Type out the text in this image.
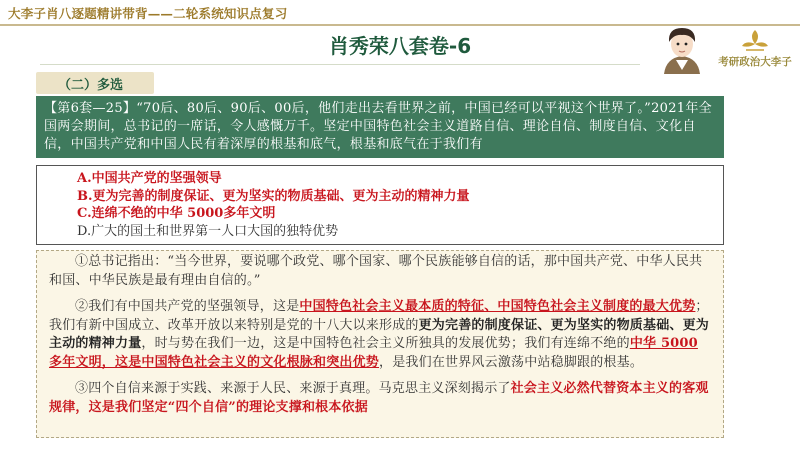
大李子肖八逐题精讲带背——二轮系统知识点复习
肖秀荣八套卷-6
考研政治大李子
（二）多选
【第6套—25】“70后、80后、90后、00后，他们走出去看世界之前，中国已经可以平视这个世界了。”2021年全国两会期间，总书记的一席话，令人感慨万千。坚定中国特色社会主义道路自信、理论自信、制度自信、文化自信，中国共产党和中国人民有着深厚的根基和底气，根基和底气在于我们有
A.中国共产党的坚强领导
B.更为完善的制度保证、更为坚实的物质基础、更为主动的精神力量
C.连绵不绝的中华 5000多年文明
D.广大的国土和世界第一人口大国的独特优势

①总书记指出：“当今世界，要说哪个政党、哪个国家、哪个民族能够自信的话，那中国共产党、中华人民共和国、中华民族是最有理由自信的。”

②我们有中国共产党的坚强领导，这是中国特色社会主义最本质的特征、中国特色社会主义制度的最大优势；我们有新中国成立、改革开放以来特别是党的十八大以来形成的更为完善的制度保证、更为坚实的物质基础、更为主动的精神力量，时与势在我们一边，这是中国特色社会主义所独具的发展优势；我们有连绵不绝的中华 5000多年文明，这是中国特色社会主义的文化根脉和突出优势，是我们在世界风云激荡中站稳脚跟的根基。

③四个自信来源于实践、来源于人民、来源于真理。马克思主义深刻揭示了社会主义必然代替资本主义的客观规律，这是我们坚定“四个自信”的理论支撑和根本依据
